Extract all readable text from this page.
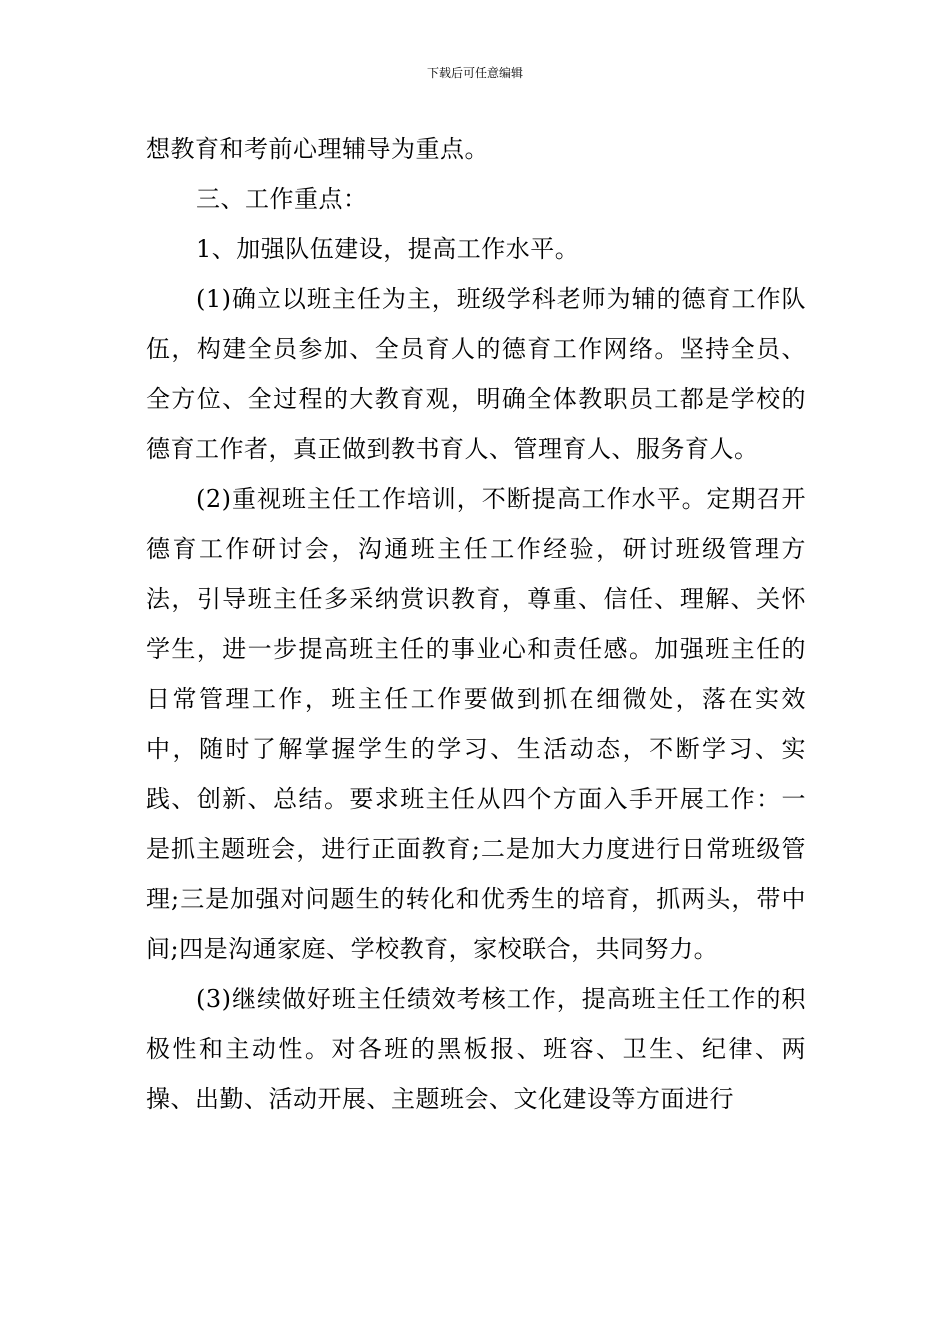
下载后可任意编辑

想教育和考前心理辅导为重点。

三、工作重点：

1、加强队伍建设，提高工作水平。

(1)确立以班主任为主，班级学科老师为辅的德育工作队伍，构建全员参加、全员育人的德育工作网络。坚持全员、全方位、全过程的大教育观，明确全体教职员工都是学校的德育工作者，真正做到教书育人、管理育人、服务育人。

(2)重视班主任工作培训，不断提高工作水平。定期召开德育工作研讨会，沟通班主任工作经验，研讨班级管理方法，引导班主任多采纳赏识教育，尊重、信任、理解、关怀学生，进一步提高班主任的事业心和责任感。加强班主任的日常管理工作，班主任工作要做到抓在细微处，落在实效中，随时了解掌握学生的学习、生活动态，不断学习、实践、创新、总结。要求班主任从四个方面入手开展工作：一是抓主题班会，进行正面教育;二是加大力度进行日常班级管理;三是加强对问题生的转化和优秀生的培育，抓两头，带中间;四是沟通家庭、学校教育，家校联合，共同努力。

(3)继续做好班主任绩效考核工作，提高班主任工作的积极性和主动性。对各班的黑板报、班容、卫生、纪律、两操、出勤、活动开展、主题班会、文化建设等方面进行
